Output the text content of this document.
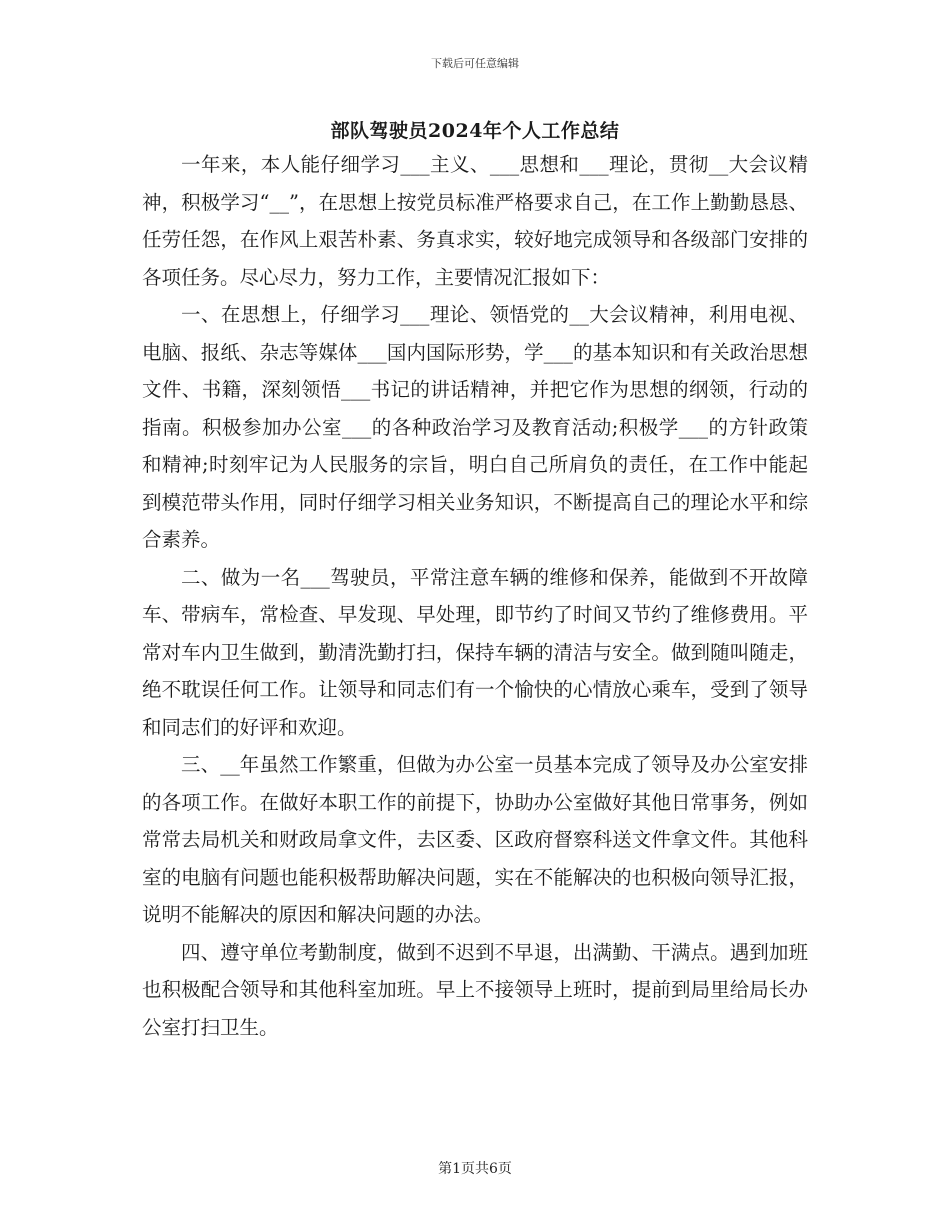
下载后可任意编辑
部队驾驶员2024年个人工作总结

一年来，本人能仔细学习___主义、___思想和___理论，贯彻__大会议精神，积极学习“__”，在思想上按党员标准严格要求自己，在工作上勤勤恳恳、任劳任怨，在作风上艰苦朴素、务真求实，较好地完成领导和各级部门安排的各项任务。尽心尽力，努力工作，主要情况汇报如下：

一、在思想上，仔细学习___理论、领悟党的__大会议精神，利用电视、电脑、报纸、杂志等媒体___国内国际形势，学___的基本知识和有关政治思想文件、书籍，深刻领悟___书记的讲话精神，并把它作为思想的纲领，行动的指南。积极参加办公室___的各种政治学习及教育活动;积极学___的方针政策和精神;时刻牢记为人民服务的宗旨，明白自己所肩负的责任，在工作中能起到模范带头作用，同时仔细学习相关业务知识，不断提高自己的理论水平和综合素养。

二、做为一名___驾驶员，平常注意车辆的维修和保养，能做到不开故障车、带病车，常检查、早发现、早处理，即节约了时间又节约了维修费用。平常对车内卫生做到，勤清洗勤打扫，保持车辆的清洁与安全。做到随叫随走，绝不耽误任何工作。让领导和同志们有一个愉快的心情放心乘车，受到了领导和同志们的好评和欢迎。

三、__年虽然工作繁重，但做为办公室一员基本完成了领导及办公室安排的各项工作。在做好本职工作的前提下，协助办公室做好其他日常事务，例如常常去局机关和财政局拿文件，去区委、区政府督察科送文件拿文件。其他科室的电脑有问题也能积极帮助解决问题，实在不能解决的也积极向领导汇报，说明不能解决的原因和解决问题的办法。

四、遵守单位考勤制度，做到不迟到不早退，出满勤、干满点。遇到加班也积极配合领导和其他科室加班。早上不接领导上班时，提前到局里给局长办公室打扫卫生。

第1页共6页
